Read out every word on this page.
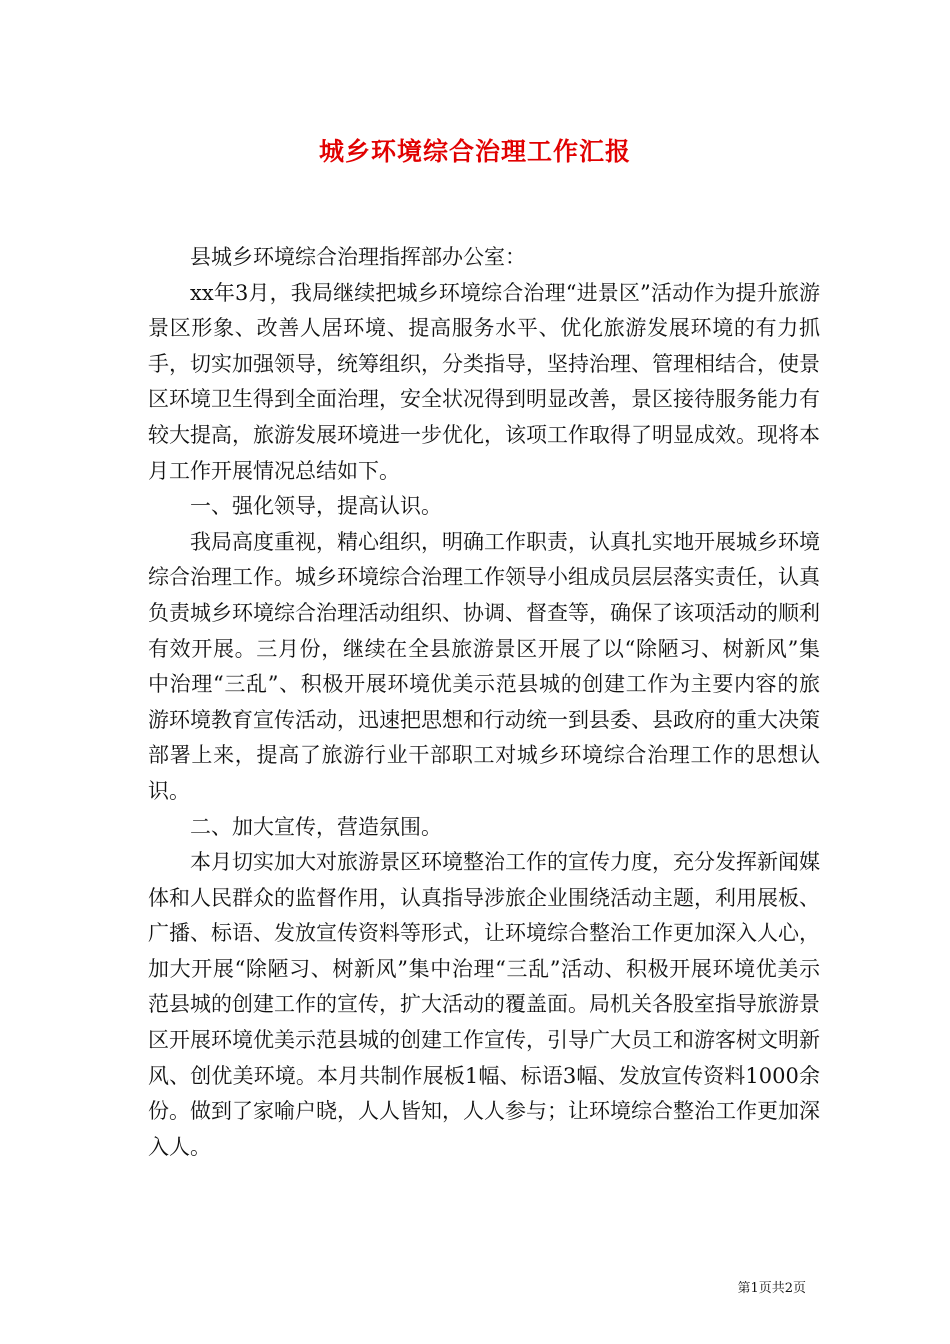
城乡环境综合治理工作汇报

县城乡环境综合治理指挥部办公室：

xx年3月，我局继续把城乡环境综合治理“进景区”活动作为提升旅游景区形象、改善人居环境、提高服务水平、优化旅游发展环境的有力抓手，切实加强领导，统筹组织，分类指导，坚持治理、管理相结合，使景区环境卫生得到全面治理，安全状况得到明显改善，景区接待服务能力有较大提高，旅游发展环境进一步优化，该项工作取得了明显成效。现将本月工作开展情况总结如下。

一、强化领导，提高认识。

我局高度重视，精心组织，明确工作职责，认真扎实地开展城乡环境综合治理工作。城乡环境综合治理工作领导小组成员层层落实责任，认真负责城乡环境综合治理活动组织、协调、督查等，确保了该项活动的顺利有效开展。三月份，继续在全县旅游景区开展了以“除陋习、树新风”集中治理“三乱”、积极开展环境优美示范县城的创建工作为主要内容的旅游环境教育宣传活动，迅速把思想和行动统一到县委、县政府的重大决策部署上来，提高了旅游行业干部职工对城乡环境综合治理工作的思想认识。

二、加大宣传，营造氛围。

本月切实加大对旅游景区环境整治工作的宣传力度，充分发挥新闻媒体和人民群众的监督作用，认真指导涉旅企业围绕活动主题，利用展板、广播、标语、发放宣传资料等形式，让环境综合整治工作更加深入人心，加大开展“除陋习、树新风”集中治理“三乱”活动、积极开展环境优美示范县城的创建工作的宣传，扩大活动的覆盖面。局机关各股室指导旅游景区开展环境优美示范县城的创建工作宣传，引导广大员工和游客树文明新风、创优美环境。本月共制作展板1幅、标语3幅、发放宣传资料1000余份。做到了家喻户晓，人人皆知，人人参与；让环境综合整治工作更加深入人。

第1页共2页
